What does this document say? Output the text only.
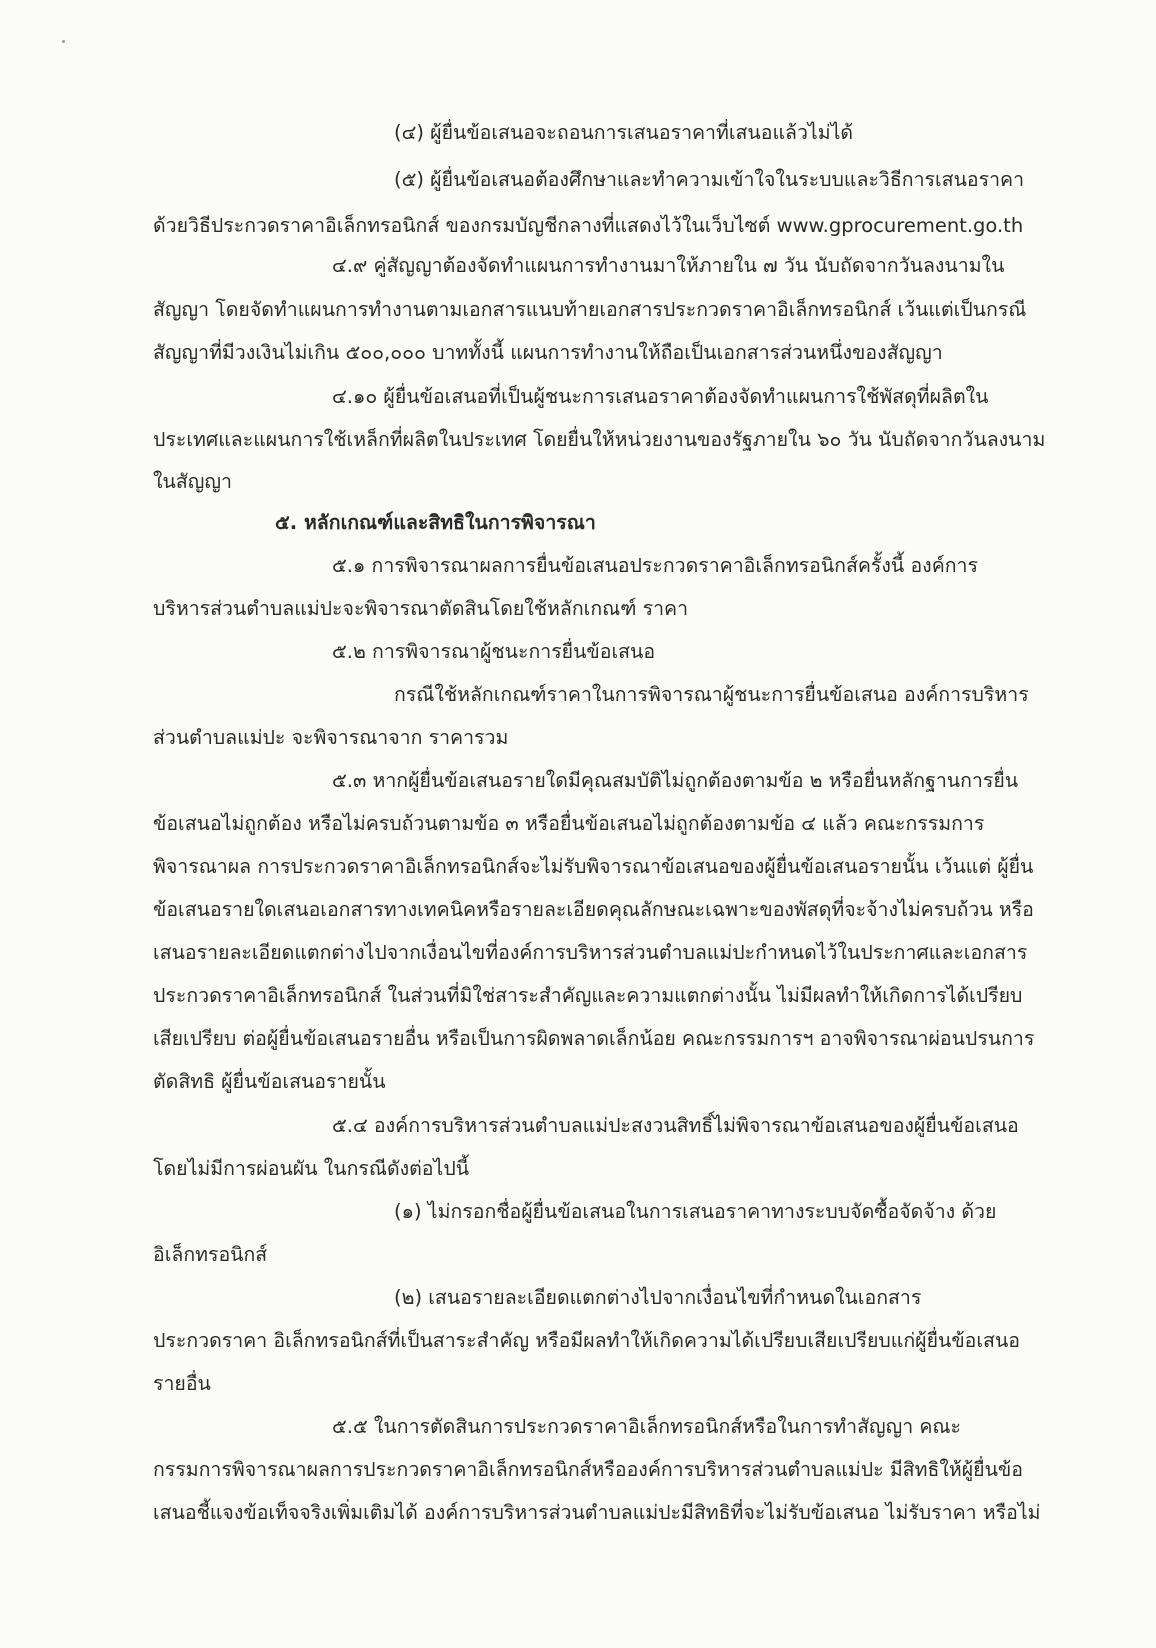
(๔) ผู้ยื่นข้อเสนอจะถอนการเสนอราคาที่เสนอแล้วไม่ได้
(๕) ผู้ยื่นข้อเสนอต้องศึกษาและทำความเข้าใจในระบบและวิธีการเสนอราคา
ด้วยวิธีประกวดราคาอิเล็กทรอนิกส์ ของกรมบัญชีกลางที่แสดงไว้ในเว็บไซต์ www.gprocurement.go.th
๔.๙ คู่สัญญาต้องจัดทำแผนการทำงานมาให้ภายใน ๗ วัน นับถัดจากวันลงนามใน
สัญญา โดยจัดทำแผนการทำงานตามเอกสารแนบท้ายเอกสารประกวดราคาอิเล็กทรอนิกส์ เว้นแต่เป็นกรณี
สัญญาที่มีวงเงินไม่เกิน ๕๐๐,๐๐๐ บาททั้งนี้ แผนการทำงานให้ถือเป็นเอกสารส่วนหนึ่งของสัญญา
๔.๑๐ ผู้ยื่นข้อเสนอที่เป็นผู้ชนะการเสนอราคาต้องจัดทำแผนการใช้พัสดุที่ผลิตใน
ประเทศและแผนการใช้เหล็กที่ผลิตในประเทศ โดยยื่นให้หน่วยงานของรัฐภายใน ๖๐ วัน นับถัดจากวันลงนาม
ในสัญญา
๕. หลักเกณฑ์และสิทธิในการพิจารณา
๕.๑ การพิจารณาผลการยื่นข้อเสนอประกวดราคาอิเล็กทรอนิกส์ครั้งนี้ องค์การ
บริหารส่วนตำบลแม่ปะจะพิจารณาตัดสินโดยใช้หลักเกณฑ์ ราคา
๕.๒ การพิจารณาผู้ชนะการยื่นข้อเสนอ
กรณีใช้หลักเกณฑ์ราคาในการพิจารณาผู้ชนะการยื่นข้อเสนอ องค์การบริหาร
ส่วนตำบลแม่ปะ จะพิจารณาจาก ราคารวม
๕.๓ หากผู้ยื่นข้อเสนอรายใดมีคุณสมบัติไม่ถูกต้องตามข้อ ๒ หรือยื่นหลักฐานการยื่น
ข้อเสนอไม่ถูกต้อง หรือไม่ครบถ้วนตามข้อ ๓ หรือยื่นข้อเสนอไม่ถูกต้องตามข้อ ๔ แล้ว คณะกรรมการ
พิจารณาผล การประกวดราคาอิเล็กทรอนิกส์จะไม่รับพิจารณาข้อเสนอของผู้ยื่นข้อเสนอรายนั้น เว้นแต่ ผู้ยื่น
ข้อเสนอรายใดเสนอเอกสารทางเทคนิคหรือรายละเอียดคุณลักษณะเฉพาะของพัสดุที่จะจ้างไม่ครบถ้วน หรือ
เสนอรายละเอียดแตกต่างไปจากเงื่อนไขที่องค์การบริหารส่วนตำบลแม่ปะกำหนดไว้ในประกาศและเอกสาร
ประกวดราคาอิเล็กทรอนิกส์ ในส่วนที่มิใช่สาระสำคัญและความแตกต่างนั้น ไม่มีผลทำให้เกิดการได้เปรียบ
เสียเปรียบ ต่อผู้ยื่นข้อเสนอรายอื่น หรือเป็นการผิดพลาดเล็กน้อย คณะกรรมการฯ อาจพิจารณาผ่อนปรนการ
ตัดสิทธิ ผู้ยื่นข้อเสนอรายนั้น
๕.๔ องค์การบริหารส่วนตำบลแม่ปะสงวนสิทธิ์ไม่พิจารณาข้อเสนอของผู้ยื่นข้อเสนอ
โดยไม่มีการผ่อนผัน ในกรณีดังต่อไปนี้
(๑) ไม่กรอกชื่อผู้ยื่นข้อเสนอในการเสนอราคาทางระบบจัดซื้อจัดจ้าง ด้วย
อิเล็กทรอนิกส์
(๒) เสนอรายละเอียดแตกต่างไปจากเงื่อนไขที่กำหนดในเอกสาร
ประกวดราคา อิเล็กทรอนิกส์ที่เป็นสาระสำคัญ หรือมีผลทำให้เกิดความได้เปรียบเสียเปรียบแก่ผู้ยื่นข้อเสนอ
รายอื่น
๕.๕ ในการตัดสินการประกวดราคาอิเล็กทรอนิกส์หรือในการทำสัญญา คณะ
กรรมการพิจารณาผลการประกวดราคาอิเล็กทรอนิกส์หรือองค์การบริหารส่วนตำบลแม่ปะ มีสิทธิให้ผู้ยื่นข้อ
เสนอชี้แจงข้อเท็จจริงเพิ่มเติมได้ องค์การบริหารส่วนตำบลแม่ปะมีสิทธิที่จะไม่รับข้อเสนอ ไม่รับราคา หรือไม่
